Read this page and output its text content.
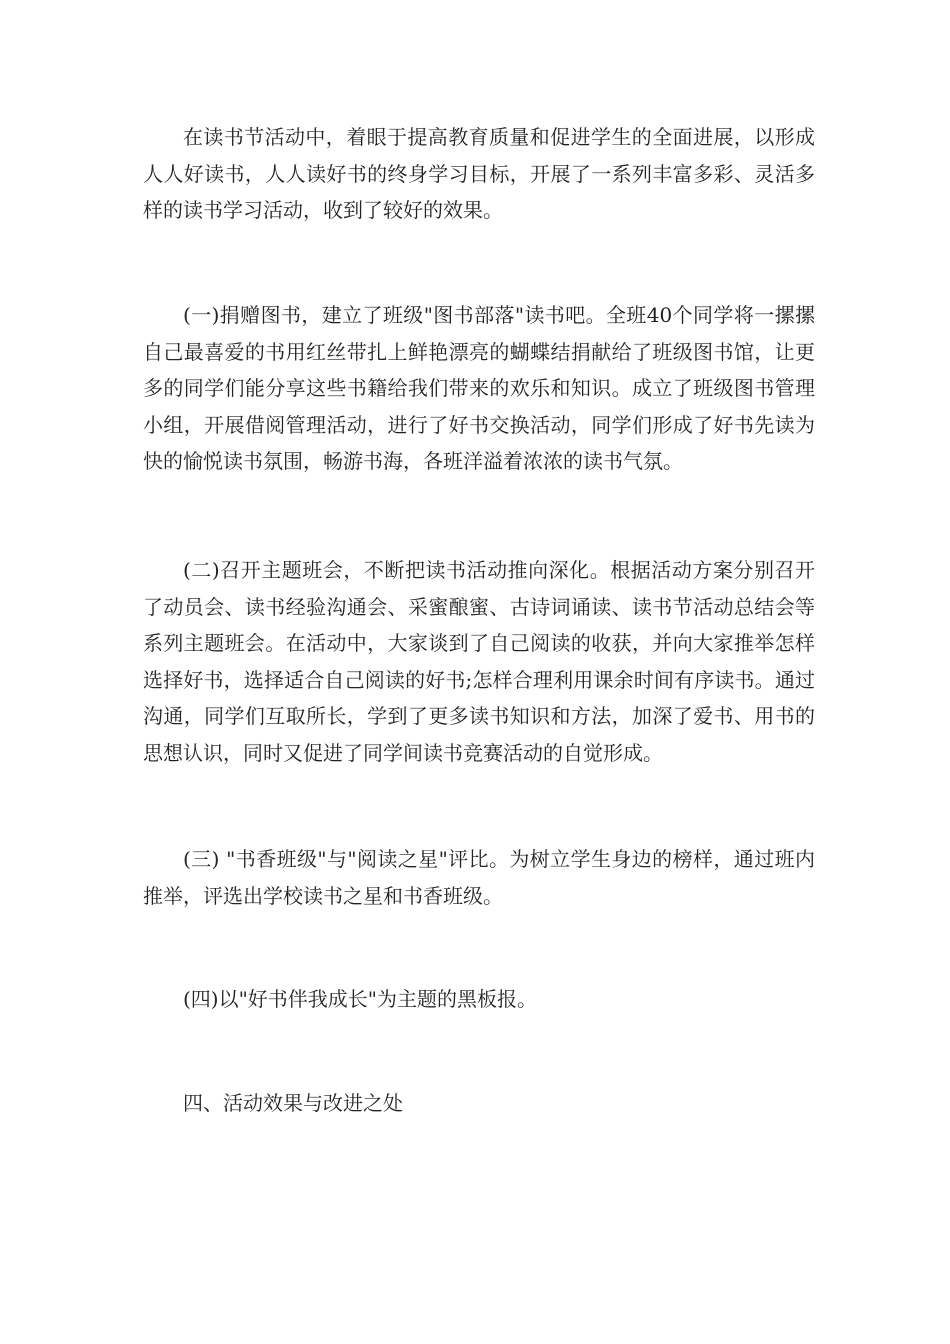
在读书节活动中，着眼于提高教育质量和促进学生的全面进展，以形成人人好读书，人人读好书的终身学习目标，开展了一系列丰富多彩、灵活多样的读书学习活动，收到了较好的效果。

(一)捐赠图书，建立了班级"图书部落"读书吧。全班40个同学将一摞摞自己最喜爱的书用红丝带扎上鲜艳漂亮的蝴蝶结捐献给了班级图书馆，让更多的同学们能分享这些书籍给我们带来的欢乐和知识。成立了班级图书管理小组，开展借阅管理活动，进行了好书交换活动，同学们形成了好书先读为快的愉悦读书氛围，畅游书海，各班洋溢着浓浓的读书气氛。

(二)召开主题班会，不断把读书活动推向深化。根据活动方案分别召开了动员会、读书经验沟通会、采蜜酿蜜、古诗词诵读、读书节活动总结会等系列主题班会。在活动中，大家谈到了自己阅读的收获，并向大家推举怎样选择好书，选择适合自己阅读的好书;怎样合理利用课余时间有序读书。通过沟通，同学们互取所长，学到了更多读书知识和方法，加深了爱书、用书的思想认识，同时又促进了同学间读书竞赛活动的自觉形成。

(三) "书香班级"与"阅读之星"评比。为树立学生身边的榜样，通过班内推举，评选出学校读书之星和书香班级。

(四)以"好书伴我成长"为主题的黑板报。

四、活动效果与改进之处
